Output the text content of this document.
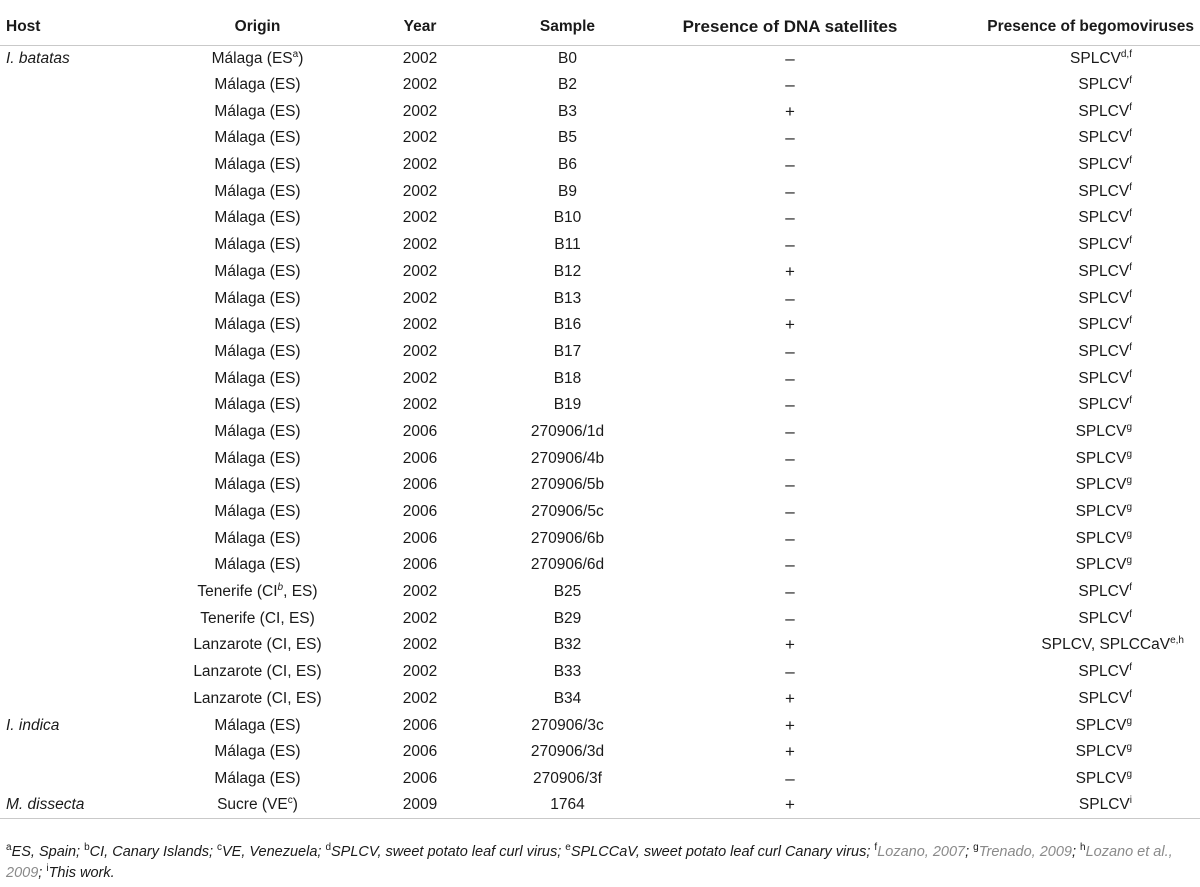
Host	Origin	Year	Sample	Presence of DNA satellites	Presence of begomoviruses
I. batatas	Málaga $(ES^a)$	2002	B0	–	SPLCV$^{d,f}$
	Málaga (ES)	2002	B2	–	SPLCV$^f$
	Málaga (ES)	2002	B3	+	$SPLCV^f$
	Málaga (ES)	2002	B5	–	SPLCV$^f$
	Málaga (ES)	2002	B6	–	SPLCV$^f$
	Málaga (ES)	2002	B9	–	SPLCV$^f$
	Málaga (ES)	2002	B10	–	SPLCV$^f$
	Málaga (ES)	2002	B11	–	SPLCV$^f$
	Málaga (ES)	2002	B12	+	$SPLCV^f$
	Málaga (ES)	2002	B13	–	SPLCV$^f$
	Málaga (ES)	2002	B16	+	$SPLCV^f$
	Málaga (ES)	2002	B17	–	SPLCV$^f$
	Málaga (ES)	2002	B18	–	SPLCV$^f$
	Málaga (ES)	2002	B19	–	SPLCV$^f$
	Málaga (ES)	2006	270906/1d	–	SPLCV$^g$
	Málaga (ES)	2006	270906/4b	–	SPLCV$^g$
	Málaga (ES)	2006	270906/5b	–	SPLCV$^g$
	Málaga (ES)	2006	270906/5c	–	SPLCV$^g$
	Málaga (ES)	2006	270906/6b	–	SPLCV$^g$
	Málaga (ES)	2006	270906/6d	–	SPLCV$^g$
	Tenerife ($CI^b$, ES)	2002	B25	–	SPLCV$^f$
	Tenerife (CI, ES)	2002	B29	–	SPLCV$^f$
	Lanzarote (CI, ES)	2002	B32	+	SPLCV, SPLCCaV$^{e,h}$
	Lanzarote (CI, ES)	2002	B33	–	SPLCV$^f$
	Lanzarote (CI, ES)	2002	B34	+	$SPLCV^f$
I. indica	Málaga (ES)	2006	270906/3c	+	$SPLCV^g$
	Málaga (ES)	2006	270906/3d	+	$SPLCV^g$
	Málaga (ES)	2006	270906/3f	–	SPLCV$^g$
M. dissecta	Sucre $(VE^c)$	2009	1764	+	$SPLCV^i$
$^a$ES, Spain; $^b$CI, Canary Islands; $^c$VE, Venezuela; $^d$SPLCV, sweet potato leaf curl virus; $^e$SPLCCaV, sweet potato leaf curl Canary virus; $^f$Lozano, 2007; $^g$Trenado, 2009; $^h$Lozano et al., 2009; $^i$This work.
